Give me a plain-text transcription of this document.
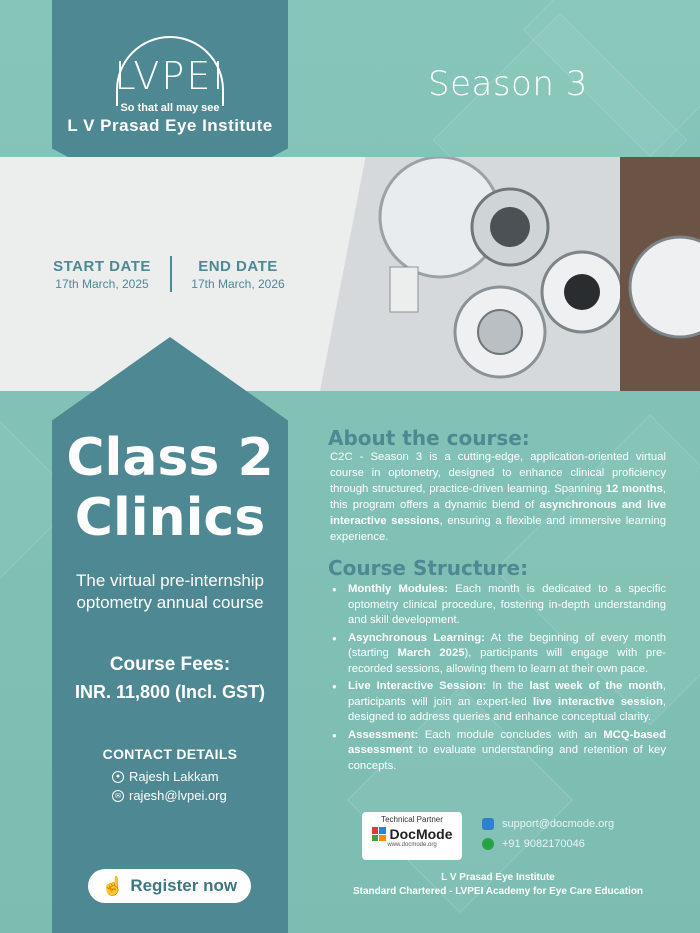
LVPEI
So that all may see
L V Prasad Eye Institute
Season 3
START DATE
17th March, 2025
END DATE
17th March, 2026
Class 2
Clinics
The virtual pre-internship
optometry annual course
Course Fees:
INR. 11,800 (Incl. GST)
CONTACT DETAILS
● Rajesh Lakkam
✉ rajesh@lvpei.org
☝ Register now
About the course:
C2C - Season 3 is a cutting-edge, application-oriented virtual course in optometry, designed to enhance clinical proficiency through structured, practice-driven learning. Spanning 12 months, this program offers a dynamic blend of asynchronous and live interactive sessions, ensuring a flexible and immersive learning experience.
Course Structure:
● Monthly Modules: Each month is dedicated to a specific optometry clinical procedure, fostering in-depth understanding and skill development.
● Asynchronous Learning: At the beginning of every month (starting March 2025), participants will engage with pre-recorded sessions, allowing them to learn at their own pace.
● Live Interactive Session: In the last week of the month, participants will join an expert-led live interactive session, designed to address queries and enhance conceptual clarity.
● Assessment: Each module concludes with an MCQ-based assessment to evaluate understanding and retention of key concepts.
Technical Partner
DocMode
www.docmode.org
support@docmode.org
+91 9082170046
L V Prasad Eye Institute
Standard Chartered - LVPEI Academy for Eye Care Education
